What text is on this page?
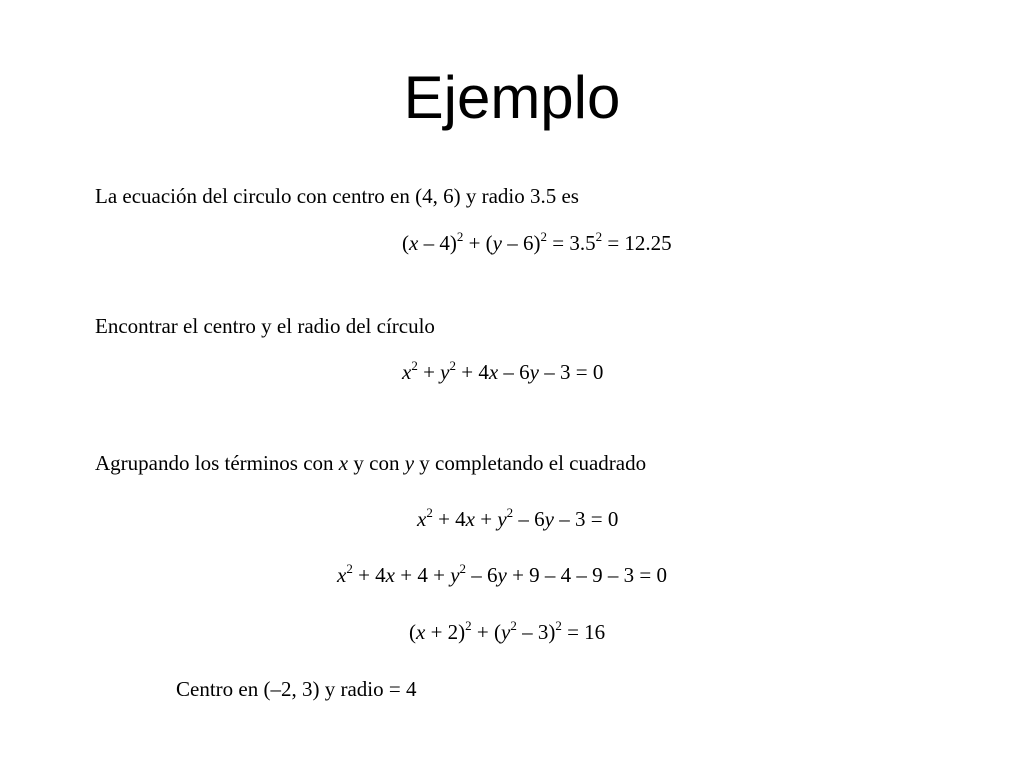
Ejemplo
La ecuación del circulo con centro en (4, 6) y radio 3.5 es
$(x - 4)^2 + (y - 6)^2 = 3.5^2 = 12.25$
Encontrar el centro y el radio del círculo
$x^2 + y^2 + 4x - 6y - 3 = 0$
Agrupando los términos con x y con y y completando el cuadrado
$x^2 + 4x + y^2 - 6y - 3 = 0$
$x^2 + 4x + 4 + y^2 - 6y + 9 - 4 - 9 - 3 = 0$
$(x + 2)^2 + (y^2 - 3)^2 = 16$
Centro en (–2, 3) y radio = 4
